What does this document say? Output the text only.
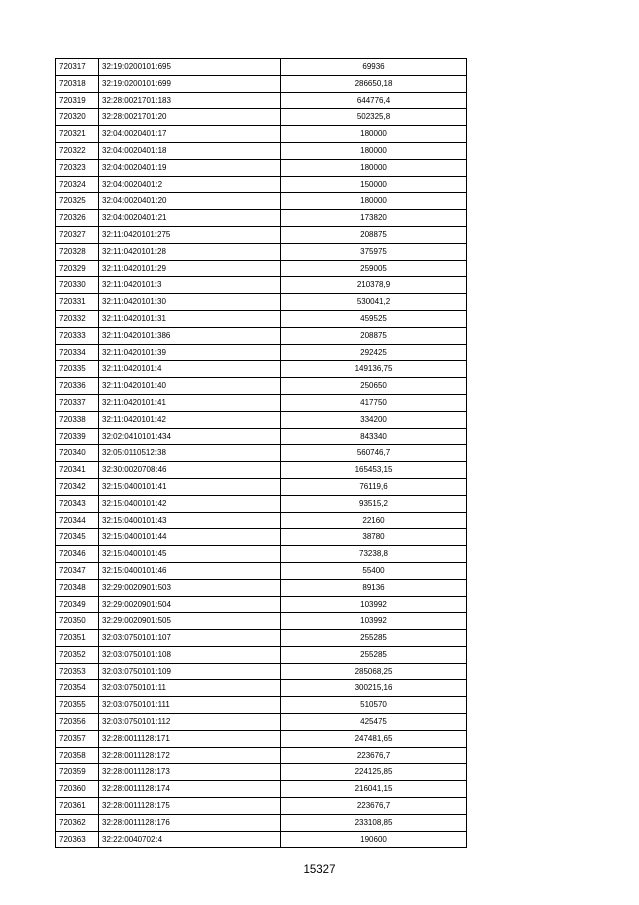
720317	32:19:0200101:695	69936
720318	32:19:0200101:699	286650,18
720319	32:28:0021701:183	644776,4
720320	32:28:0021701:20	502325,8
720321	32:04:0020401:17	180000
720322	32:04:0020401:18	180000
720323	32:04:0020401:19	180000
720324	32:04:0020401:2	150000
720325	32:04:0020401:20	180000
720326	32:04:0020401:21	173820
720327	32:11:0420101:275	208875
720328	32:11:0420101:28	375975
720329	32:11:0420101:29	259005
720330	32:11:0420101:3	210378,9
720331	32:11:0420101:30	530041,2
720332	32:11:0420101:31	459525
720333	32:11:0420101:386	208875
720334	32:11:0420101:39	292425
720335	32:11:0420101:4	149136,75
720336	32:11:0420101:40	250650
720337	32:11:0420101:41	417750
720338	32:11:0420101:42	334200
720339	32:02:0410101:434	843340
720340	32:05:0110512:38	560746,7
720341	32:30:0020708:46	165453,15
720342	32:15:0400101:41	76119,6
720343	32:15:0400101:42	93515,2
720344	32:15:0400101:43	22160
720345	32:15:0400101:44	38780
720346	32:15:0400101:45	73238,8
720347	32:15:0400101:46	55400
720348	32:29:0020901:503	89136
720349	32:29:0020901:504	103992
720350	32:29:0020901:505	103992
720351	32:03:0750101:107	255285
720352	32:03:0750101:108	255285
720353	32:03:0750101:109	285068,25
720354	32:03:0750101:11	300215,16
720355	32:03:0750101:111	510570
720356	32:03:0750101:112	425475
720357	32:28:0011128:171	247481,65
720358	32:28:0011128:172	223676,7
720359	32:28:0011128:173	224125,85
720360	32:28:0011128:174	216041,15
720361	32:28:0011128:175	223676,7
720362	32:28:0011128:176	233108,85
720363	32:22:0040702:4	190600
15327
